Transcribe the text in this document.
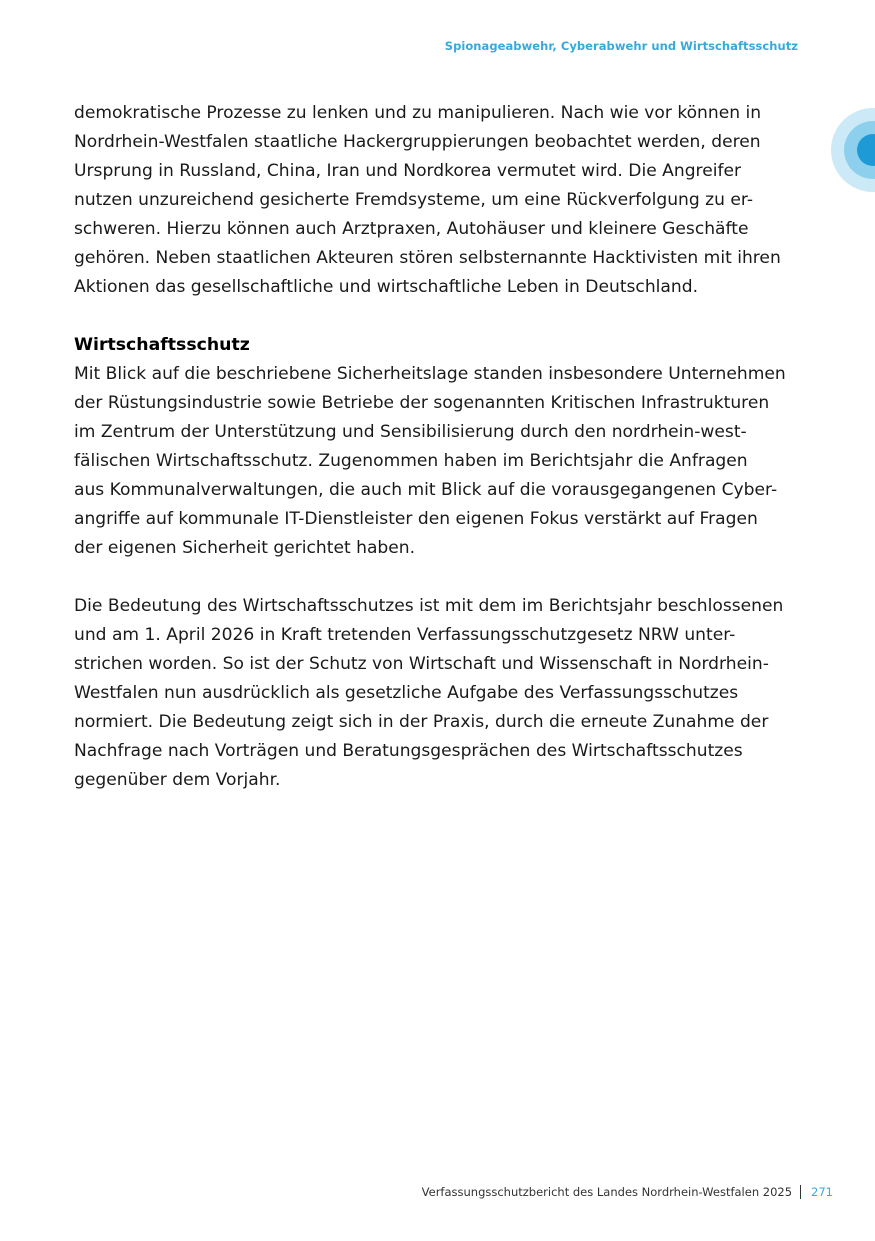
Spionageabwehr, Cyberabwehr und Wirtschaftsschutz

demokratische Prozesse zu lenken und zu manipulieren. Nach wie vor können in
Nordrhein-Westfalen staatliche Hackergruppierungen beobachtet werden, deren
Ursprung in Russland, China, Iran und Nordkorea vermutet wird. Die Angreifer
nutzen unzureichend gesicherte Fremdsysteme, um eine Rückverfolgung zu er-
schweren. Hierzu können auch Arztpraxen, Autohäuser und kleinere Geschäfte
gehören. Neben staatlichen Akteuren stören selbsternannte Hacktivisten mit ihren
Aktionen das gesellschaftliche und wirtschaftliche Leben in Deutschland.

Wirtschaftsschutz

Mit Blick auf die beschriebene Sicherheitslage standen insbesondere Unternehmen
der Rüstungsindustrie sowie Betriebe der sogenannten Kritischen Infrastrukturen
im Zentrum der Unterstützung und Sensibilisierung durch den nordrhein-west-
fälischen Wirtschaftsschutz. Zugenommen haben im Berichtsjahr die Anfragen
aus Kommunalverwaltungen, die auch mit Blick auf die vorausgegangenen Cyber-
angriffe auf kommunale IT-Dienstleister den eigenen Fokus verstärkt auf Fragen
der eigenen Sicherheit gerichtet haben.

Die Bedeutung des Wirtschaftsschutzes ist mit dem im Berichtsjahr beschlossenen
und am 1. April 2026 in Kraft tretenden Verfassungsschutzgesetz NRW unter-
strichen worden. So ist der Schutz von Wirtschaft und Wissenschaft in Nordrhein-
Westfalen nun ausdrücklich als gesetzliche Aufgabe des Verfassungsschutzes
normiert. Die Bedeutung zeigt sich in der Praxis, durch die erneute Zunahme der
Nachfrage nach Vorträgen und Beratungsgesprächen des Wirtschaftsschutzes
gegenüber dem Vorjahr.

Verfassungsschutzbericht des Landes Nordrhein-Westfalen 2025 271
